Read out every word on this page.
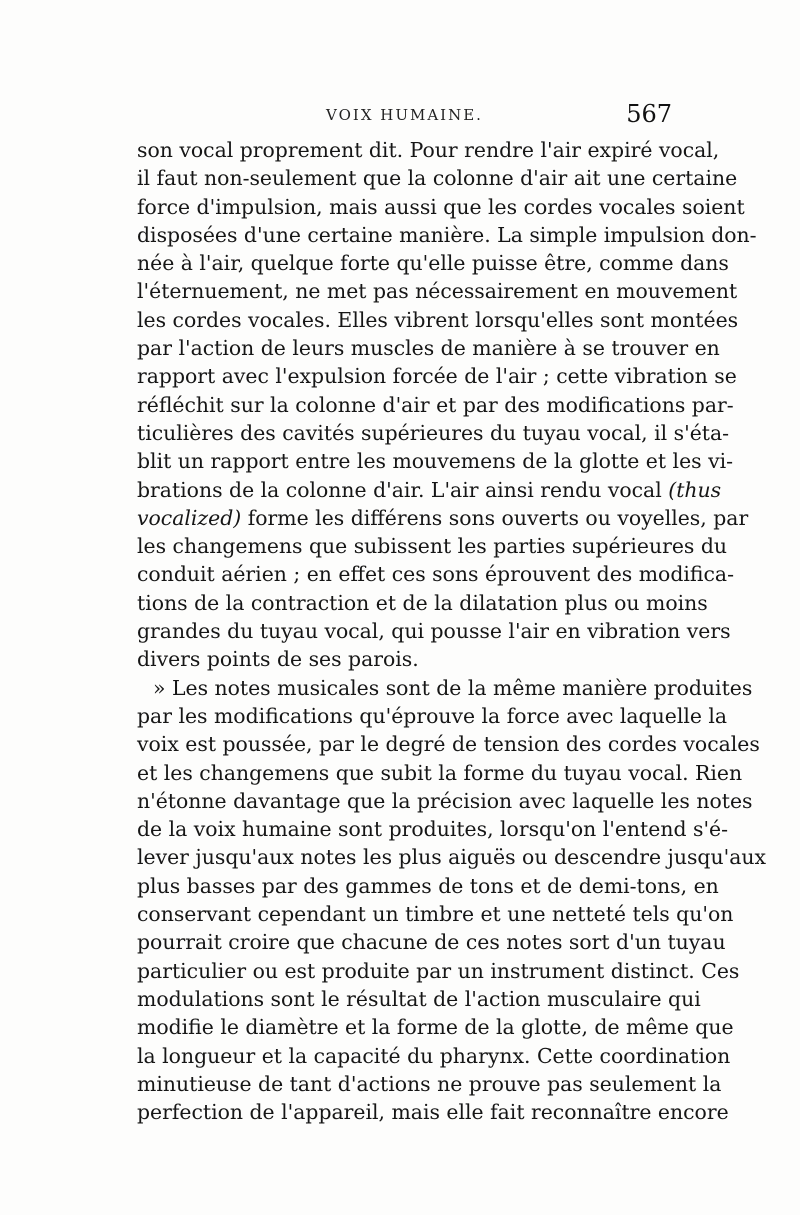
VOIX HUMAINE.	567
son vocal proprement dit. Pour rendre l'air expiré vocal,
il faut non-seulement que la colonne d'air ait une certaine
force d'impulsion, mais aussi que les cordes vocales soient
disposées d'une certaine manière. La simple impulsion don-
née à l'air, quelque forte qu'elle puisse être, comme dans
l'éternuement, ne met pas nécessairement en mouvement
les cordes vocales. Elles vibrent lorsqu'elles sont montées
par l'action de leurs muscles de manière à se trouver en
rapport avec l'expulsion forcée de l'air ; cette vibration se
réfléchit sur la colonne d'air et par des modifications par-
ticulières des cavités supérieures du tuyau vocal, il s'éta-
blit un rapport entre les mouvemens de la glotte et les vi-
brations de la colonne d'air. L'air ainsi rendu vocal (thus
vocalized) forme les différens sons ouverts ou voyelles, par
les changemens que subissent les parties supérieures du
conduit aérien ; en effet ces sons éprouvent des modifica-
tions de la contraction et de la dilatation plus ou moins
grandes du tuyau vocal, qui pousse l'air en vibration vers
divers points de ses parois.
» Les notes musicales sont de la même manière produites
par les modifications qu'éprouve la force avec laquelle la
voix est poussée, par le degré de tension des cordes vocales
et les changemens que subit la forme du tuyau vocal. Rien
n'étonne davantage que la précision avec laquelle les notes
de la voix humaine sont produites, lorsqu'on l'entend s'é-
lever jusqu'aux notes les plus aiguës ou descendre jusqu'aux
plus basses par des gammes de tons et de demi-tons, en
conservant cependant un timbre et une netteté tels qu'on
pourrait croire que chacune de ces notes sort d'un tuyau
particulier ou est produite par un instrument distinct. Ces
modulations sont le résultat de l'action musculaire qui
modifie le diamètre et la forme de la glotte, de même que
la longueur et la capacité du pharynx. Cette coordination
minutieuse de tant d'actions ne prouve pas seulement la
perfection de l'appareil, mais elle fait reconnaître encore
